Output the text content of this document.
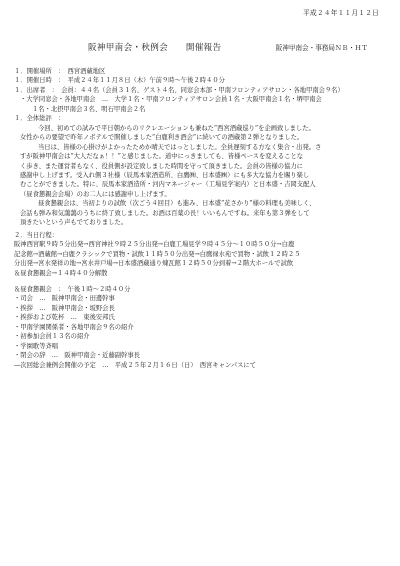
平成２４年１１月１２日
阪神甲南会・秋例会　　開催報告	阪神甲南会・事務局ＮＢ・ＨＴ
１．開催場所　：　西宮酒蔵地区
１．開催日時　：　平成２４年１１月８日（木）午前９時～午後２時４０分
１．出席者　：　会員：４４名（会員３１名、ゲスト４名、同窓会本部・甲南フロンティアサロン・各地甲南会９名）
・大学同窓会・各地甲南会　…　大学１名・甲南フロンティアサロン会員１名・大阪甲南会１名・堺甲南会
１名・北摂甲南会３名、明石甲南会２名
１．全体総評　：
今回、初めての試みで平日朝からのリクレエーションも兼ねた“西宮酒蔵巡り”を企画致しました。
女性からの要望で昨年ノボテルで開催しました“白鹿利き酒会”に続いての酒蔵第２弾となりました。
当日は、皆様の心掛けがよかったためか晴天ではっとしました。全員遅刻する方なく集合・出発。さ
すが阪神甲南会は“大人だなぁ！！”と感じました。道中にっきましても、皆様ペースを変えることな
く歩き、また運営者もなく、役員側が設定致しました時間を守って頂きました。会員の皆様の協力に
感謝申し上げます。受入れ側３社様（辰馬本家酒造所、白鷹㈱、日本盛㈱）にも多大な協力を賜り楽し
むことができました。特に、辰馬本家酒造所・河内マネージャー（工場見学案内）と日本盛・吉岡支配人
（昼食懇親会会場）のお二人には感謝申し上げます。
昼食懇親会は、当初よりの試飲（次ごう４回目）も進み、日本盛“花さかり”様の料理も美味しく、
会話も弾み和気藹藹のうちに終了致しました。お酒は百薬の長！いいもんですね。来年も第３弾をして
頂きたいという声もでておりました。
２．当日行程：
阪神西宮駅９時５分出発→西宮神社９時２５分出発→白鹿工場見学９時４５分～１０時５０分→白鹿
記念館→酒蔵館→白鹿クラシックで買物・試飲１１時５０分出発→白鷹禄水苑で買物・試飲１２時２５
分出発→宮水発祥の地→宮水井戸場→日本盛酒蔵通り煉瓦館１２時５０分到着→２階大ホールで試飲
＆昼食懇親会→１４時４０分解散
＆昼食懇親会　：　午後１時～２時４０分
・司会　…　阪神甲南会・田邊幹事
・挨拶　…　阪神甲南会・坂野会長
・挨拶および乾杯　…　東後安邦氏
・甲南学園関係者・各地甲南会９名の紹介
・初参加会員１３名の紹介
・学園歌等斉唱
・閉会の辞　…　阪神甲南会・近藤副幹事長
―次回総会兼例会開催の予定　…　平成２５年２月１６日（日）　西宮キャンパスにて
